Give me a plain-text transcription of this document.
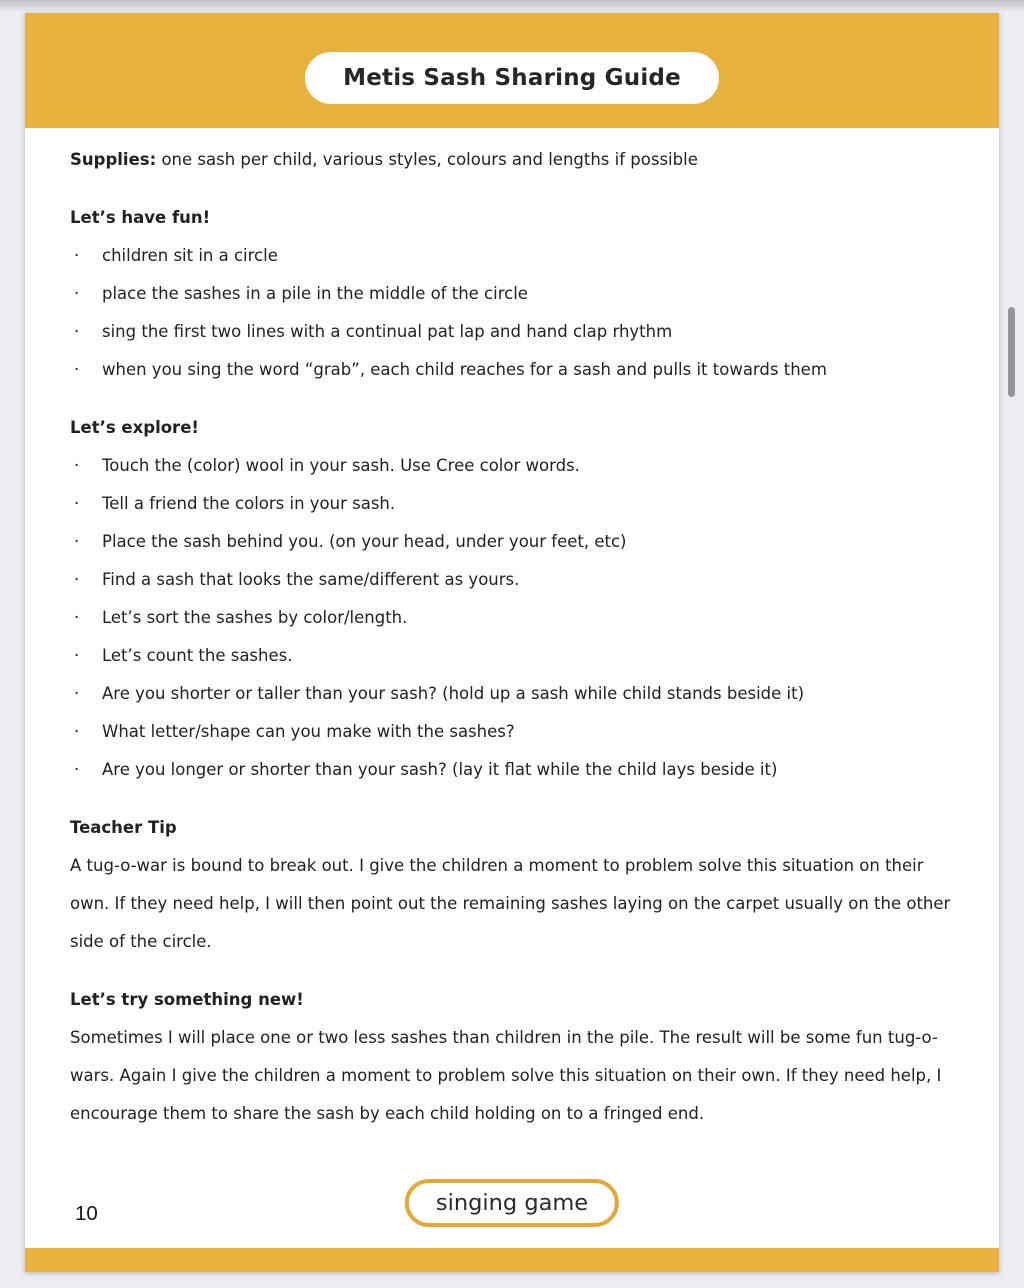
Metis Sash Sharing Guide
Supplies: one sash per child, various styles, colours and lengths if possible
Let’s have fun!
·	children sit in a circle
·	place the sashes in a pile in the middle of the circle
·	sing the first two lines with a continual pat lap and hand clap rhythm
·	when you sing the word “grab”, each child reaches for a sash and pulls it towards them
Let’s explore!
·	Touch the (color) wool in your sash. Use Cree color words.
·	Tell a friend the colors in your sash.
·	Place the sash behind you. (on your head, under your feet, etc)
·	Find a sash that looks the same/different as yours.
·	Let’s sort the sashes by color/length.
·	Let’s count the sashes.
·	Are you shorter or taller than your sash? (hold up a sash while child stands beside it)
·	What letter/shape can you make with the sashes?
·	Are you longer or shorter than your sash? (lay it flat while the child lays beside it)
Teacher Tip
A tug-o-war is bound to break out. I give the children a moment to problem solve this situation on their own. If they need help, I will then point out the remaining sashes laying on the carpet usually on the other side of the circle.
Let’s try something new!
Sometimes I will place one or two less sashes than children in the pile. The result will be some fun tug-o-wars. Again I give the children a moment to problem solve this situation on their own. If they need help, I encourage them to share the sash by each child holding on to a fringed end.
10	singing game
